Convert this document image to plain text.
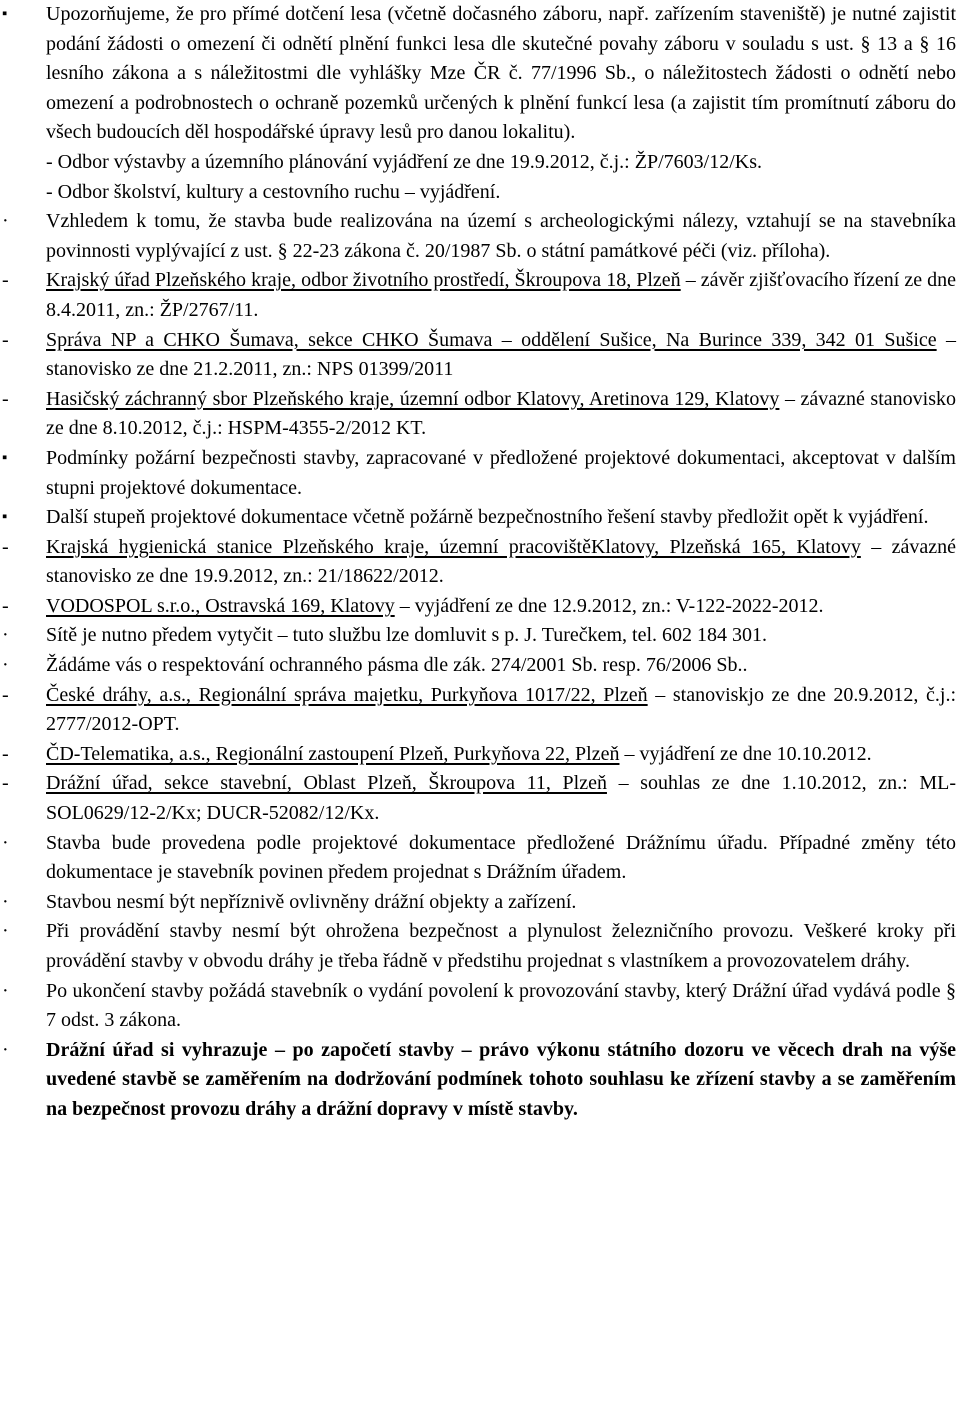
▪	Upozorňujeme, že pro přímé dotčení lesa (včetně dočasného záboru, např. zařízením staveniště) je nutné zajistit podání žádosti o omezení či odnětí plnění funkci lesa dle skutečné povahy záboru v souladu s ust. § 13 a § 16 lesního zákona a s náležitostmi dle vyhlášky Mze ČR č. 77/1996 Sb., o náležitostech žádosti o odnětí nebo omezení a podrobnostech o ochraně pozemků určených k plnění funkcí lesa (a zajistit tím promítnutí záboru do všech budoucích děl hospodářské úpravy lesů pro danou lokalitu).
- Odbor výstavby a územního plánování vyjádření ze dne 19.9.2012, č.j.: ŽP/7603/12/Ks.
- Odbor školství, kultury a cestovního ruchu – vyjádření.
·	Vzhledem k tomu, že stavba bude realizována na území s archeologickými nálezy, vztahují se na stavebníka povinnosti vyplývající z ust. § 22-23 zákona č. 20/1987 Sb. o státní památkové péči (viz. příloha).
-	Krajský úřad Plzeňského kraje, odbor životního prostředí, Škroupova 18, Plzeň – závěr zjišťovacího řízení ze dne 8.4.2011, zn.: ŽP/2767/11.
-	Správa NP a CHKO Šumava, sekce CHKO Šumava – oddělení Sušice, Na Burince 339, 342 01 Sušice – stanovisko ze dne 21.2.2011, zn.: NPS 01399/2011
-	Hasičský záchranný sbor Plzeňského kraje, územní odbor Klatovy, Aretinova 129, Klatovy – závazné stanovisko ze dne 8.10.2012, č.j.: HSPM-4355-2/2012 KT.
▪	Podmínky požární bezpečnosti stavby, zapracované v předložené projektové dokumentaci, akceptovat v dalším stupni projektové dokumentace.
▪	Další stupeň projektové dokumentace včetně požárně bezpečnostního řešení stavby předložit opět k vyjádření.
-	Krajská hygienická stanice Plzeňského kraje, územní pracovištěKlatovy, Plzeňská 165, Klatovy – závazné stanovisko ze dne 19.9.2012, zn.: 21/18622/2012.
-	VODOSPOL s.r.o., Ostravská 169, Klatovy – vyjádření ze dne 12.9.2012, zn.: V-122-2022-2012.
·	Sítě je nutno předem vytyčit – tuto službu lze domluvit s p. J. Turečkem, tel. 602 184 301.
·	Žádáme vás o respektování ochranného pásma dle zák. 274/2001 Sb. resp. 76/2006 Sb..
-	České dráhy, a.s., Regionální správa majetku, Purkyňova 1017/22, Plzeň – stanoviskjo ze dne 20.9.2012, č.j.: 2777/2012-OPT.
-	ČD-Telematika, a.s., Regionální zastoupení Plzeň, Purkyňova 22, Plzeň – vyjádření ze dne 10.10.2012.
-	Drážní úřad, sekce stavební, Oblast Plzeň, Škroupova 11, Plzeň – souhlas ze dne 1.10.2012, zn.: ML-SOL0629/12-2/Kx; DUCR-52082/12/Kx.
·	Stavba bude provedena podle projektové dokumentace předložené Drážnímu úřadu. Případné změny této dokumentace je stavebník povinen předem projednat s Drážním úřadem.
·	Stavbou nesmí být nepříznivě ovlivněny drážní objekty a zařízení.
·	Při provádění stavby nesmí být ohrožena bezpečnost a plynulost železničního provozu. Veškeré kroky při provádění stavby v obvodu dráhy je třeba řádně v předstihu projednat s vlastníkem a provozovatelem dráhy.
·	Po ukončení stavby požádá stavebník o vydání povolení k provozování stavby, který Drážní úřad vydává podle § 7 odst. 3 zákona.
·	Drážní úřad si vyhrazuje – po započetí stavby – právo výkonu státního dozoru ve věcech drah na výše uvedené stavbě se zaměřením na dodržování podmínek tohoto souhlasu ke zřízení stavby a se zaměřením na bezpečnost provozu dráhy a drážní dopravy v místě stavby.
